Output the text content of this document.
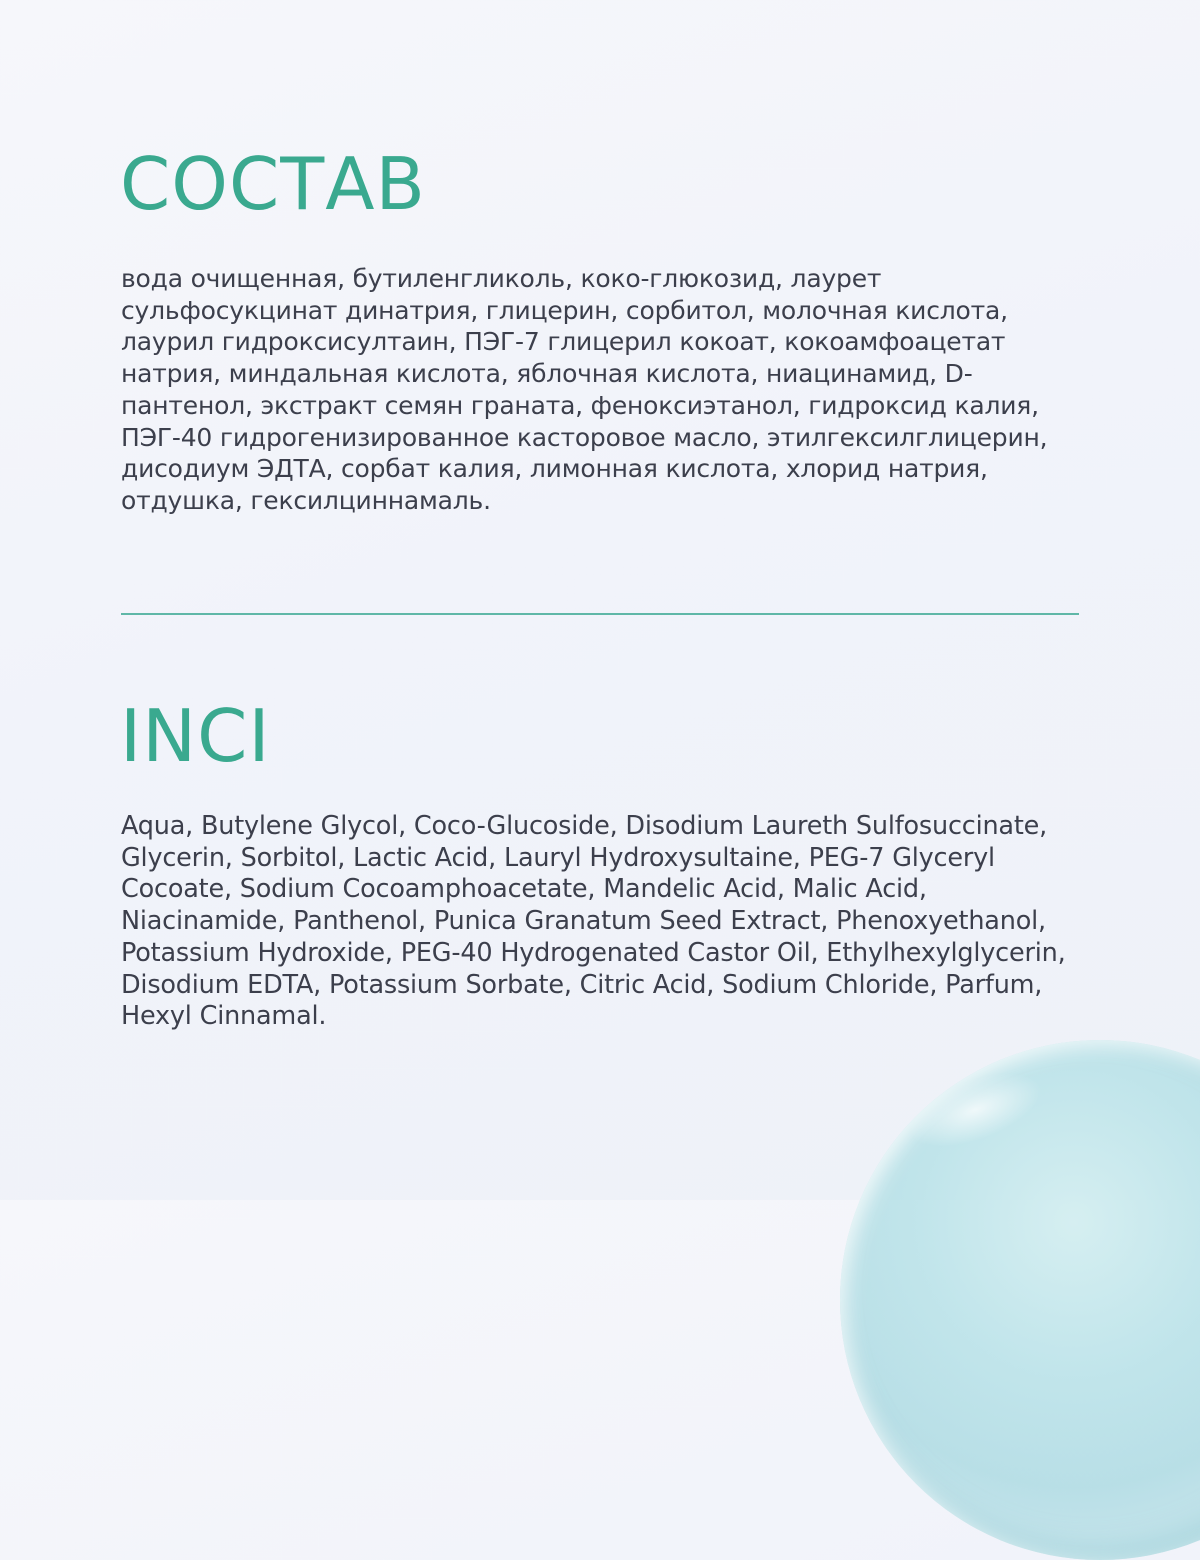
СОСТАВ

вода очищенная, бутиленгликоль, коко-глюкозид, лаурет сульфосукцинат динатрия, глицерин, сорбитол, молочная кислота, лаурил гидроксисултаин, ПЭГ-7 глицерил кокоат, кокоамфоацетат натрия, миндальная кислота, яблочная кислота, ниацинамид, D-пантенол, экстракт семян граната, феноксиэтанол, гидроксид калия, ПЭГ-40 гидрогенизированное касторовое масло, этилгексилглицерин, дисодиум ЭДТА, сорбат калия, лимонная кислота, хлорид натрия, отдушка, гексилциннамаль.

INCI

Aqua, Butylene Glycol, Coco-Glucoside, Disodium Laureth Sulfosuccinate, Glycerin, Sorbitol, Lactic Acid, Lauryl Hydroxysultaine, PEG-7 Glyceryl Cocoate, Sodium Cocoamphoacetate, Mandelic Acid, Malic Acid, Niacinamide, Panthenol, Punica Granatum Seed Extract, Phenoxyethanol, Potassium Hydroxide, PEG-40 Hydrogenated Castor Oil, Ethylhexylglycerin, Disodium EDTA, Potassium Sorbate, Citric Acid, Sodium Chloride, Parfum, Hexyl Cinnamal.
